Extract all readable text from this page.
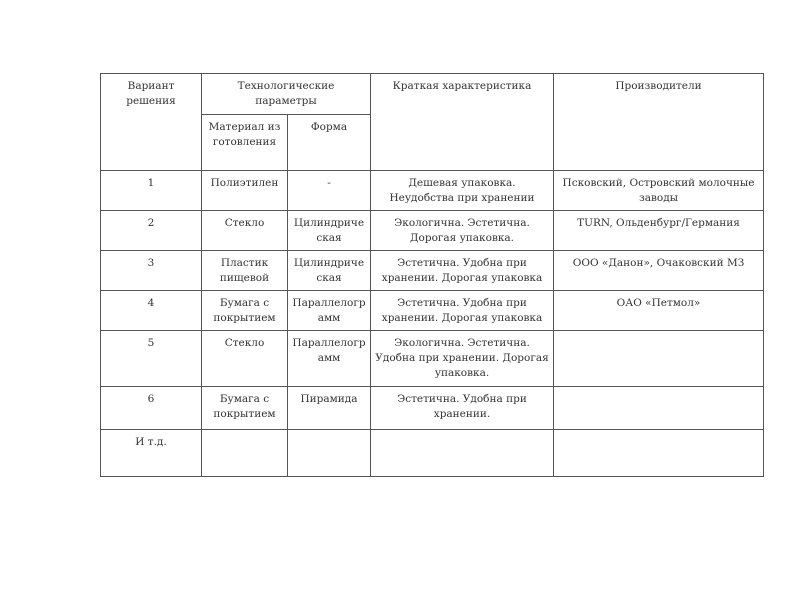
Вариант решения	Технологические параметры		Краткая характеристика	Производители
	Материал изготовления	Форма		
1	Полиэтилен	-	Дешевая упаковка. Неудобства при хранении	Псковский, Островский молочные заводы
2	Стекло	Цилиндрическая	Экологична. Эстетична. Дорогая упаковка.	TURN, Ольденбург/Германия
3	Пластик пищевой	Цилиндрическая	Эстетична. Удобна при хранении. Дорогая упаковка	ООО «Данон», Очаковский МЗ
4	Бумага с покрытием	Параллелограмм	Эстетична. Удобна при хранении. Дорогая упаковка	ОАО «Петмол»
5	Стекло	Параллелограмм	Экологична. Эстетична. Удобна при хранении. Дорогая упаковка.	
6	Бумага с покрытием	Пирамида	Эстетична. Удобна при хранении.	
И т.д.				
